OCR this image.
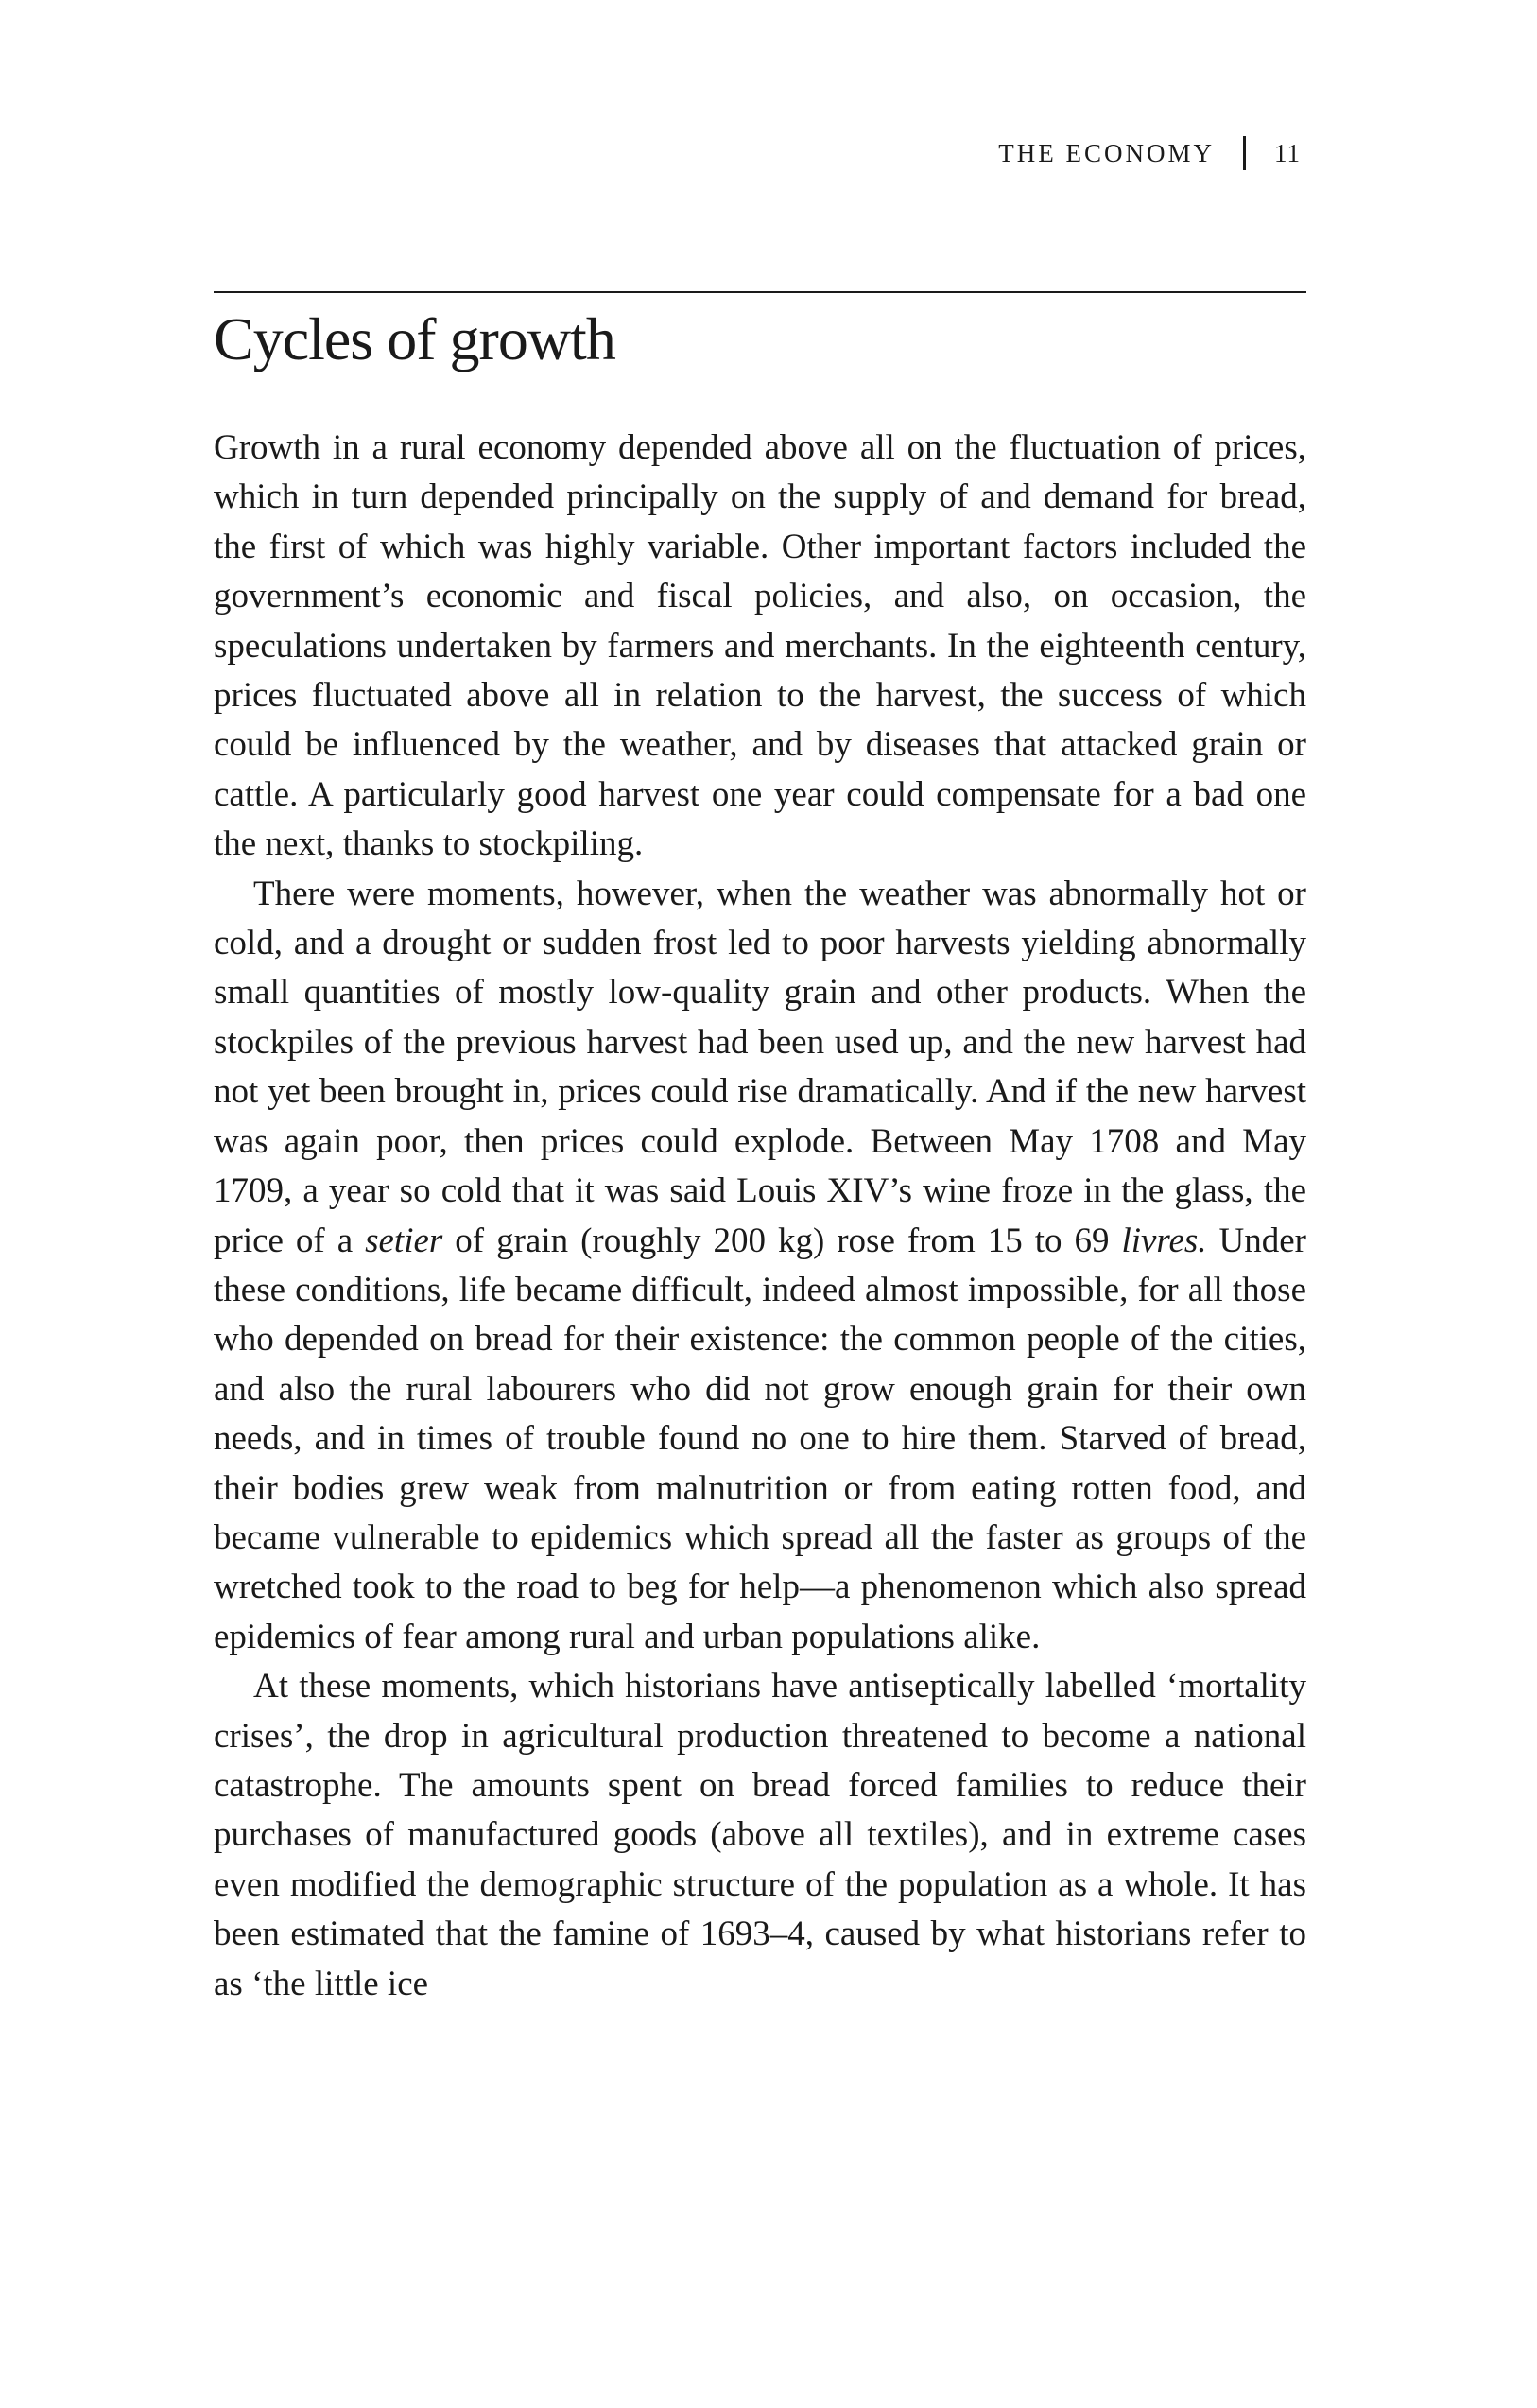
THE ECONOMY 11
Cycles of growth

Growth in a rural economy depended above all on the fluctuation of prices, which in turn depended principally on the supply of and demand for bread, the first of which was highly variable. Other important factors included the government’s economic and fiscal policies, and also, on occasion, the speculations undertaken by farmers and merchants. In the eighteenth century, prices fluctuated above all in relation to the harvest, the success of which could be influenced by the weather, and by diseases that attacked grain or cattle. A particularly good harvest one year could compensate for a bad one the next, thanks to stockpiling.

There were moments, however, when the weather was abnormally hot or cold, and a drought or sudden frost led to poor harvests yielding abnormally small quantities of mostly low-quality grain and other products. When the stockpiles of the previous harvest had been used up, and the new harvest had not yet been brought in, prices could rise dramatically. And if the new harvest was again poor, then prices could explode. Between May 1708 and May 1709, a year so cold that it was said Louis XIV’s wine froze in the glass, the price of a setier of grain (roughly 200 kg) rose from 15 to 69 livres. Under these conditions, life became difficult, indeed almost impossible, for all those who depended on bread for their existence: the common people of the cities, and also the rural labourers who did not grow enough grain for their own needs, and in times of trouble found no one to hire them. Starved of bread, their bodies grew weak from malnutrition or from eating rotten food, and became vulnerable to epidemics which spread all the faster as groups of the wretched took to the road to beg for help—a phenomenon which also spread epidemics of fear among rural and urban populations alike.

At these moments, which historians have antiseptically labelled ‘mortality crises’, the drop in agricultural production threatened to become a national catastrophe. The amounts spent on bread forced families to reduce their purchases of manufactured goods (above all textiles), and in extreme cases even modified the demographic structure of the population as a whole. It has been estimated that the famine of 1693–4, caused by what historians refer to as ‘the little ice
